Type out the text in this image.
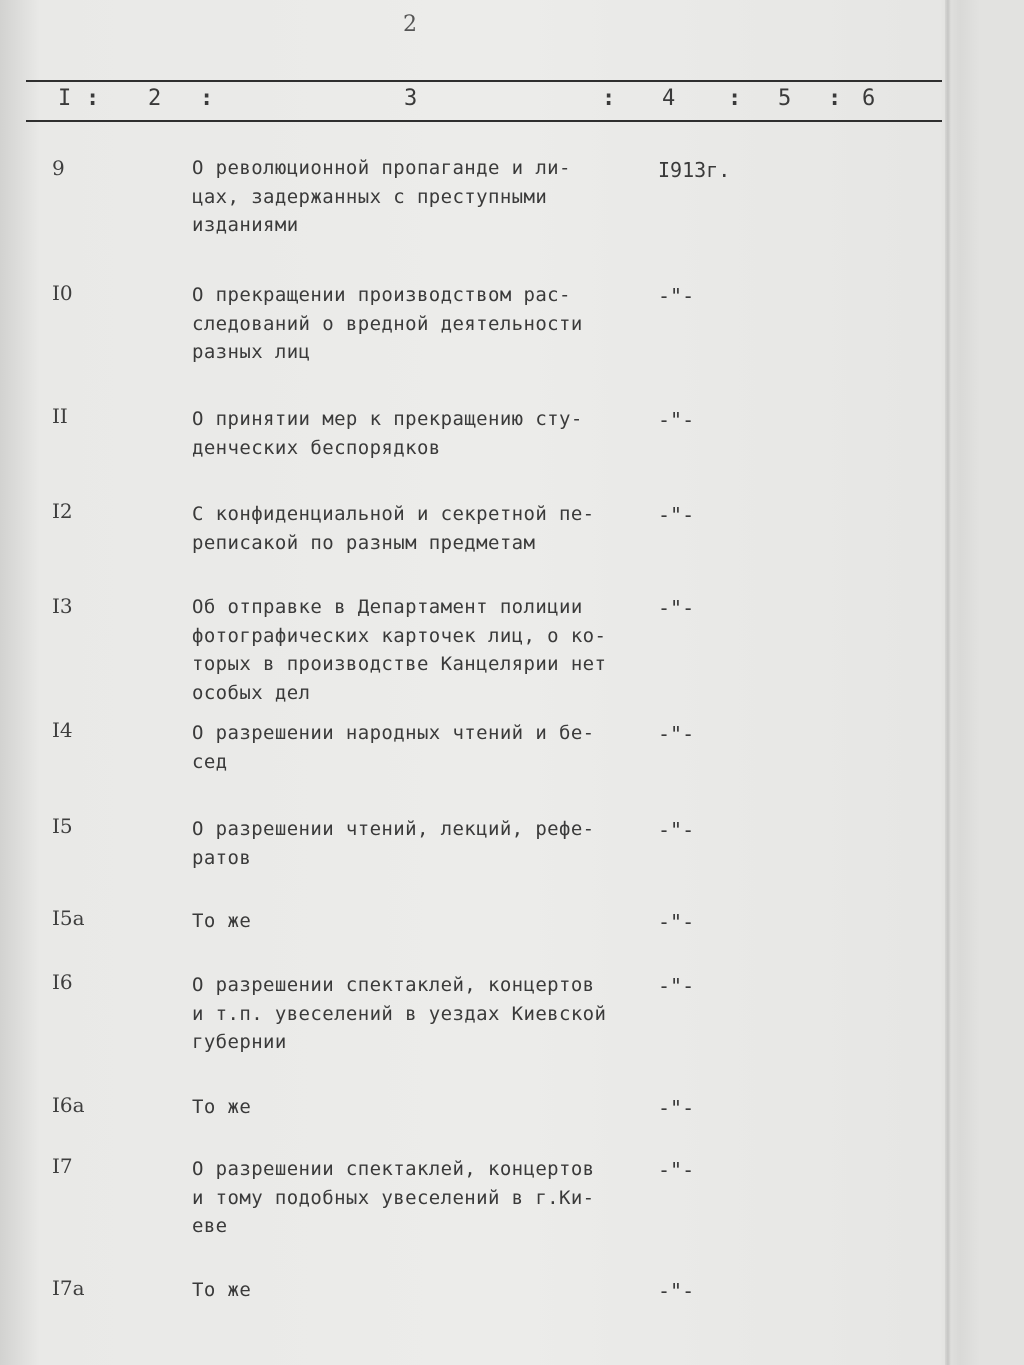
2
I : 2 :	3	: 4 : 5 : 6
9	О революционной пропаганде и ли-
цах, задержанных с преступными
изданиями
I913г.
I0	О прекращении производством рас-
следований о вредной деятельности
разных лиц
-"-
II	О принятии мер к прекращению сту-
денческих беспорядков
-"-
I2	С конфиденциальной и секретной пе-
реписакой по разным предметам
-"-
I3	Об отправке в Департамент полиции
фотографических карточек лиц, о ко-
торых в производстве Канцелярии нет
особых дел
-"-
I4	О разрешении народных чтений и бе-
сед
-"-
I5	О разрешении чтений, лекций, рефе-
ратов
-"-
I5а	То же	-"-
I6	О разрешении спектаклей, концертов
и т.п. увеселений в уездах Киевской
губернии
-"-
I6а	То же	-"-
I7	О разрешении спектаклей, концертов
и тому подобных увеселений в г.Ки-
еве
-"-
I7а	То же	-"-
